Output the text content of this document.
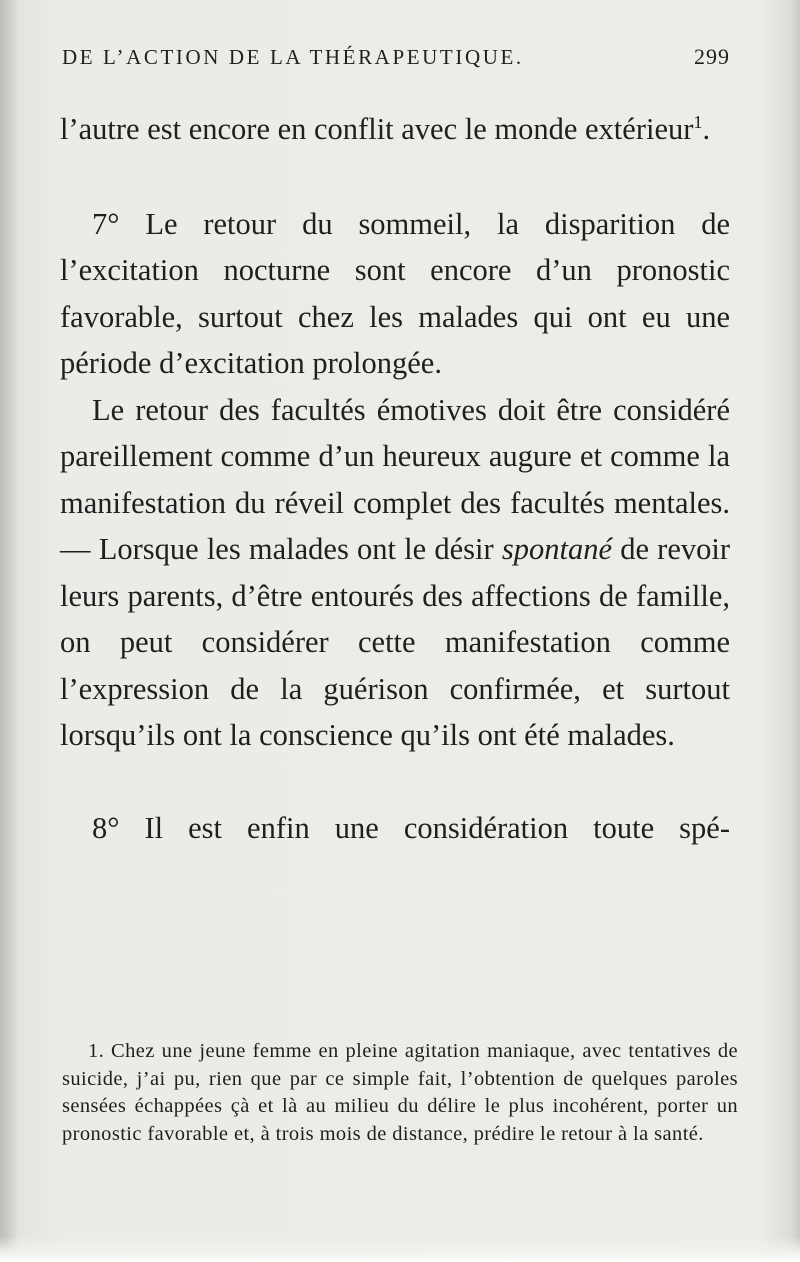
DE L’ACTION DE LA THÉRAPEUTIQUE.	299

l’autre est encore en conflit avec le monde extérieur$^1$.

7° Le retour du sommeil, la disparition de l’excitation nocturne sont encore d’un pronostic favorable, surtout chez les malades qui ont eu une période d’excitation prolongée.

Le retour des facultés émotives doit être considéré pareillement comme d’un heureux augure et comme la manifestation du réveil complet des facultés mentales. — Lorsque les malades ont le désir spontané de revoir leurs parents, d’être entourés des affections de famille, on peut considérer cette manifestation comme l’expression de la guérison confirmée, et surtout lorsqu’ils ont la conscience qu’ils ont été malades.

8° Il est enfin une considération toute spé-

1. Chez une jeune femme en pleine agitation maniaque, avec tentatives de suicide, j’ai pu, rien que par ce simple fait, l’obtention de quelques paroles sensées échappées çà et là au milieu du délire le plus incohérent, porter un pronostic favorable et, à trois mois de distance, prédire le retour à la santé.
